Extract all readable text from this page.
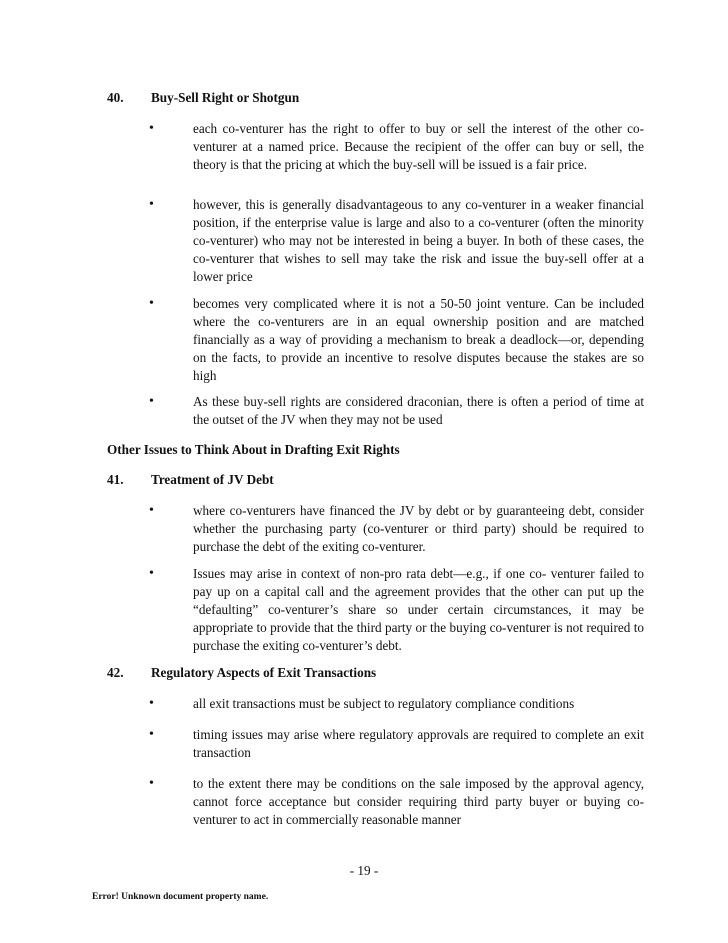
40. Buy-Sell Right or Shotgun
•	each co-venturer has the right to offer to buy or sell the interest of the other co-venturer at a named price. Because the recipient of the offer can buy or sell, the theory is that the pricing at which the buy-sell will be issued is a fair price.
•	however, this is generally disadvantageous to any co-venturer in a weaker financial position, if the enterprise value is large and also to a co-venturer (often the minority co-venturer) who may not be interested in being a buyer. In both of these cases, the co-venturer that wishes to sell may take the risk and issue the buy-sell offer at a lower price
•	becomes very complicated where it is not a 50-50 joint venture. Can be included where the co-venturers are in an equal ownership position and are matched financially as a way of providing a mechanism to break a deadlock—or, depending on the facts, to provide an incentive to resolve disputes because the stakes are so high
•	As these buy-sell rights are considered draconian, there is often a period of time at the outset of the JV when they may not be used
Other Issues to Think About in Drafting Exit Rights
41. Treatment of JV Debt
•	where co-venturers have financed the JV by debt or by guaranteeing debt, consider whether the purchasing party (co-venturer or third party) should be required to purchase the debt of the exiting co-venturer.
•	Issues may arise in context of non-pro rata debt—e.g., if one co- venturer failed to pay up on a capital call and the agreement provides that the other can put up the “defaulting” co-venturer’s share so under certain circumstances, it may be appropriate to provide that the third party or the buying co-venturer is not required to purchase the exiting co-venturer’s debt.
42. Regulatory Aspects of Exit Transactions
•	all exit transactions must be subject to regulatory compliance conditions
•	timing issues may arise where regulatory approvals are required to complete an exit transaction
•	to the extent there may be conditions on the sale imposed by the approval agency, cannot force acceptance but consider requiring third party buyer or buying co-venturer to act in commercially reasonable manner
- 19 -
Error! Unknown document property name.
